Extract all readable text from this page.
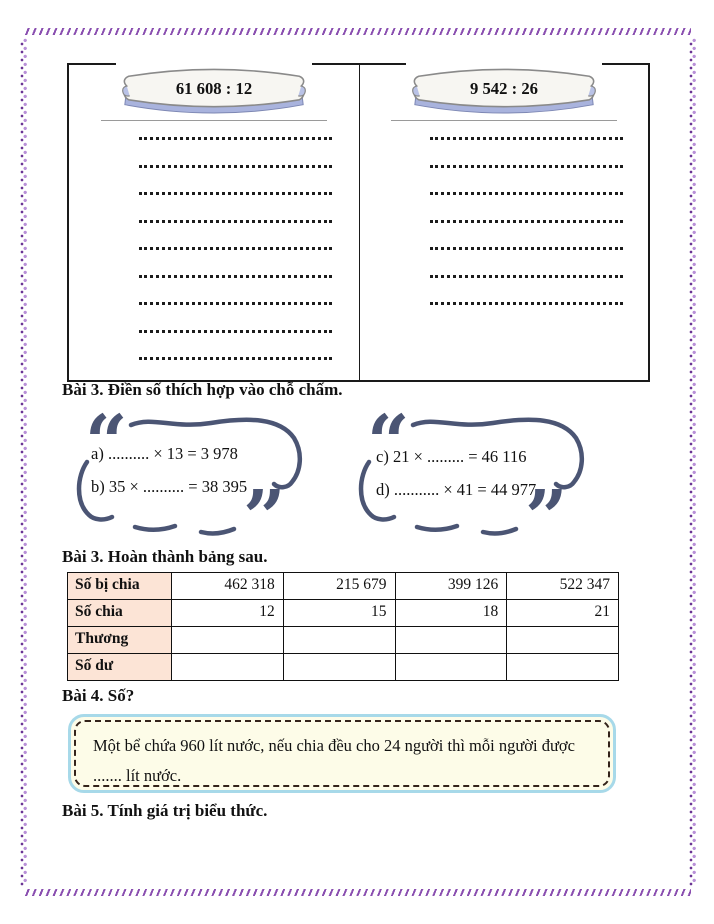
61 608 : 12	9 542 : 26
Bài 3. Điền số thích hợp vào chỗ chấm.
“
”
“
”
a) .......... × 13 = 3 978
b) 35 × .......... = 38 395
c) 21 × ......... = 46 116
d) ........... × 41 = 44 977
Bài 3. Hoàn thành bảng sau.
Số bị chia	462 318	215 679	399 126	522 347
Số chia	12	15	18	21
Thương
Số dư
Bài 4. Số?
Một bể chứa 960 lít nước, nếu chia đều cho 24 người thì mỗi người được
....... lít nước.
Bài 5. Tính giá trị biểu thức.
